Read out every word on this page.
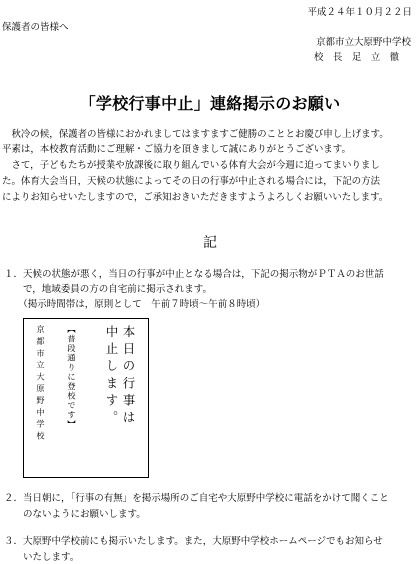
平成２４年１０月２２日
保護者の皆様へ
京都市立大原野中学校
校 長 足 立 徹
「学校行事中止」連絡掲示のお願い
　秋冷の候，保護者の皆様におかれましてはますますご健勝のこととお慶び申し上げます。
平素は，本校教育活動にご理解・ご協力を頂きまして誠にありがとうございます。
　さて，子どもたちが授業や放課後に取り組んでいる体育大会が今週に迫ってまいりまし
た。体育大会当日，天候の状態によってその日の行事が中止される場合には，下記の方法
によりお知らせいたしますので，ご承知おきいただきますようよろしくお願いいたします。
記
１．天候の状態が悪く，当日の行事が中止となる場合は，下記の掲示物がＰＴＡのお世話
　　で，地域委員の方の自宅前に掲示されます。
　　（掲示時間帯は，原則として　午前７時頃～午前８時頃）
本日の行事は
中止します。
【普段通りに登校です】
京都市立大原野中学校
２．当日朝に，「行事の有無」を掲示場所のご自宅や大原野中学校に電話をかけて聞くこと
　　のないようにお願いします。
３．大原野中学校前にも掲示いたします。また，大原野中学校ホームページでもお知らせ
　　いたします。
